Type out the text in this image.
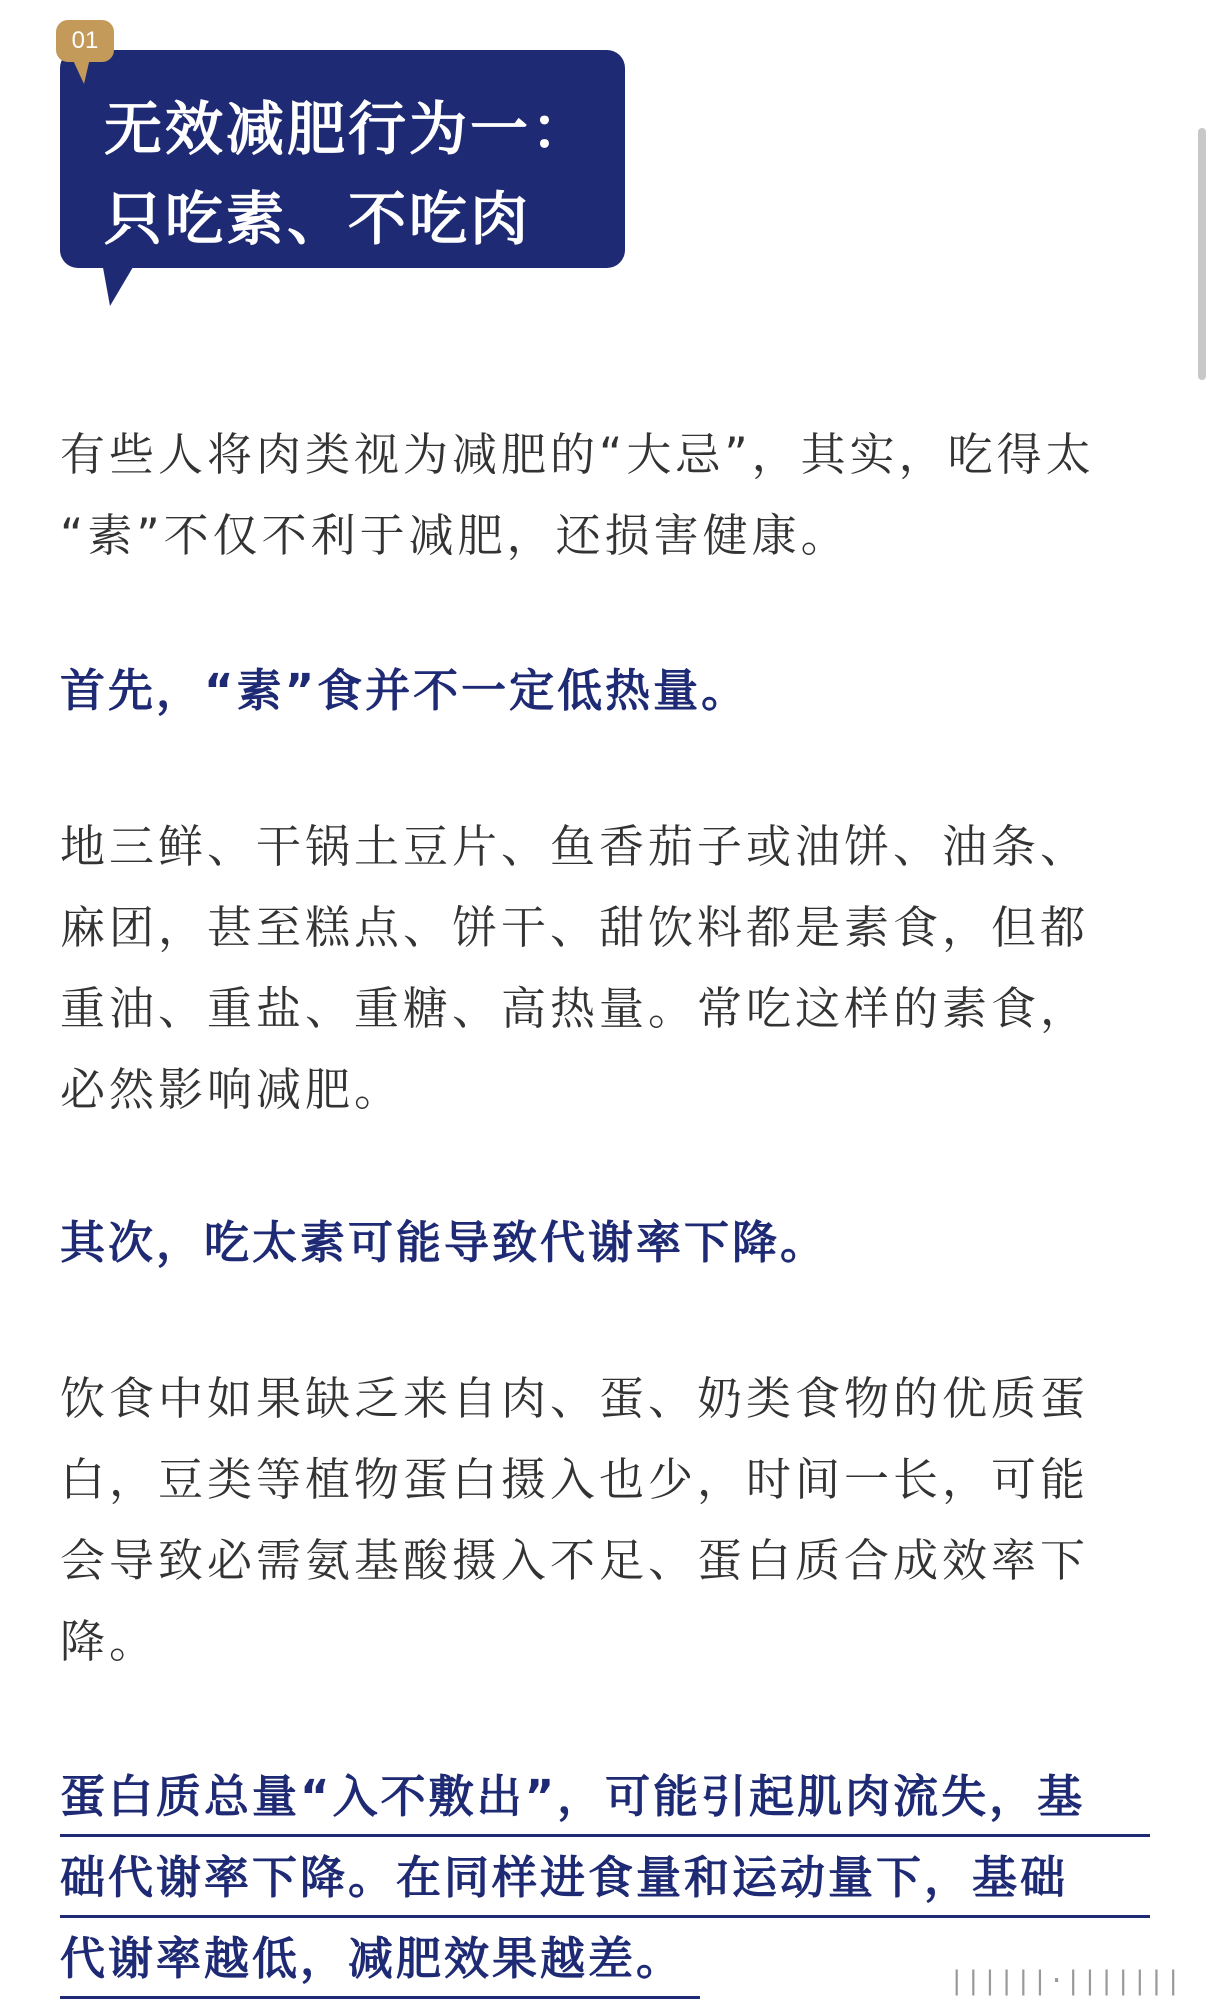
01
无效减肥行为一：
只吃素、不吃肉
有些人将肉类视为减肥的“大忌”，其实，吃得太
“素”不仅不利于减肥，还损害健康。
首先，“素”食并不一定低热量。
地三鲜、干锅土豆片、鱼香茄子或油饼、油条、
麻团，甚至糕点、饼干、甜饮料都是素食，但都
重油、重盐、重糖、高热量。常吃这样的素食，
必然影响减肥。
其次，吃太素可能导致代谢率下降。
饮食中如果缺乏来自肉、蛋、奶类食物的优质蛋
白，豆类等植物蛋白摄入也少，时间一长，可能
会导致必需氨基酸摄入不足、蛋白质合成效率下
降。
蛋白质总量“入不敷出”，可能引起肌肉流失，基
础代谢率下降。在同样进食量和运动量下，基础
代谢率越低，减肥效果越差。	||||||·|||||||
